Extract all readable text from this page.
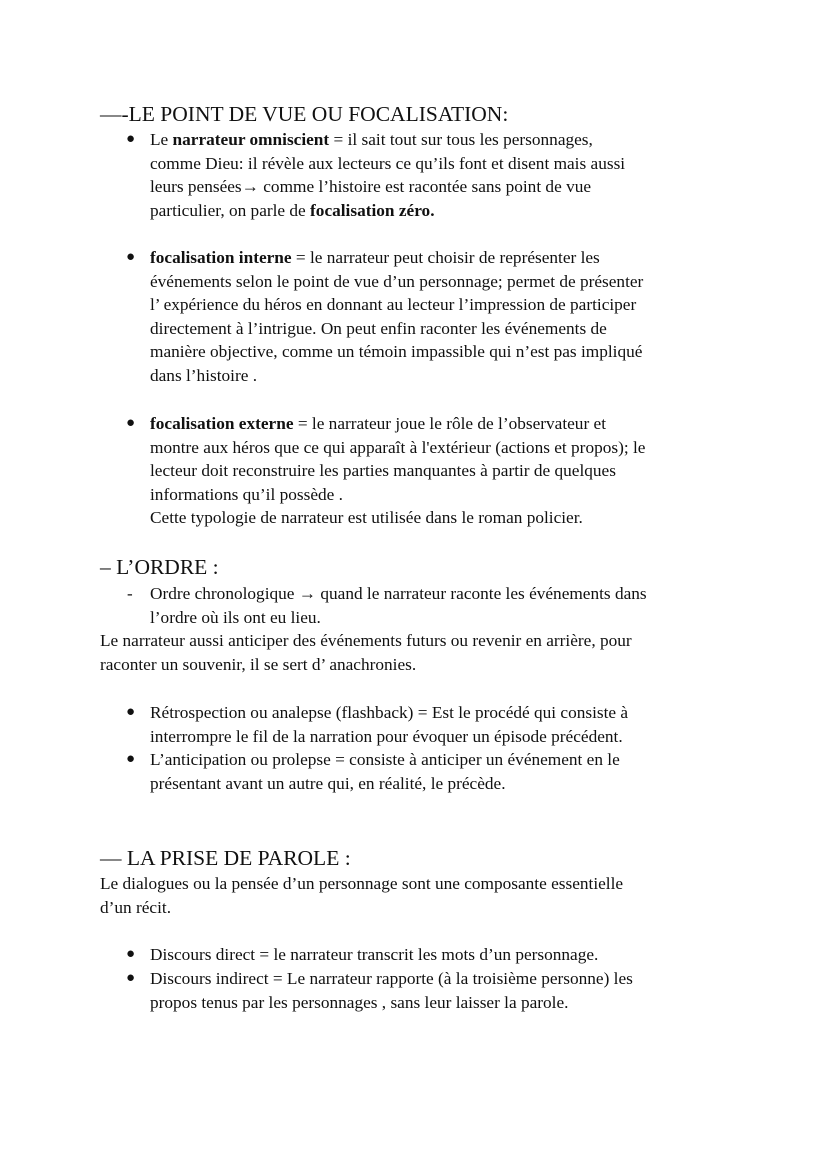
—-LE POINT DE VUE OU FOCALISATION:
● Le narrateur omniscient = il sait tout sur tous les personnages,
comme Dieu: il révèle aux lecteurs ce qu’ils font et disent mais aussi
leurs pensées→ comme l’histoire est racontée sans point de vue
particulier, on parle de focalisation zéro.
● focalisation interne = le narrateur peut choisir de représenter les
événements selon le point de vue d’un personnage; permet de présenter
l’ expérience du héros en donnant au lecteur l’impression de participer
directement à l’intrigue. On peut enfin raconter les événements de
manière objective, comme un témoin impassible qui n’est pas impliqué
dans l’histoire .
● focalisation externe = le narrateur joue le rôle de l’observateur et
montre aux héros que ce qui apparaît à l'extérieur (actions et propos); le
lecteur doit reconstruire les parties manquantes à partir de quelques
informations qu’il possède .
Cette typologie de narrateur est utilisée dans le roman policier.
– L’ORDRE :
- Ordre chronologique → quand le narrateur raconte les événements dans
l’ordre où ils ont eu lieu.
Le narrateur aussi anticiper des événements futurs ou revenir en arrière, pour
raconter un souvenir, il se sert d’ anachronies.
● Rétrospection ou analepse (flashback) = Est le procédé qui consiste à
interrompre le fil de la narration pour évoquer un épisode précédent.
● L’anticipation ou prolepse = consiste à anticiper un événement en le
présentant avant un autre qui, en réalité, le précède.
— LA PRISE DE PAROLE :
Le dialogues ou la pensée d’un personnage sont une composante essentielle
d’un récit.
● Discours direct = le narrateur transcrit les mots d’un personnage.
● Discours indirect = Le narrateur rapporte (à la troisième personne) les
propos tenus par les personnages , sans leur laisser la parole.
